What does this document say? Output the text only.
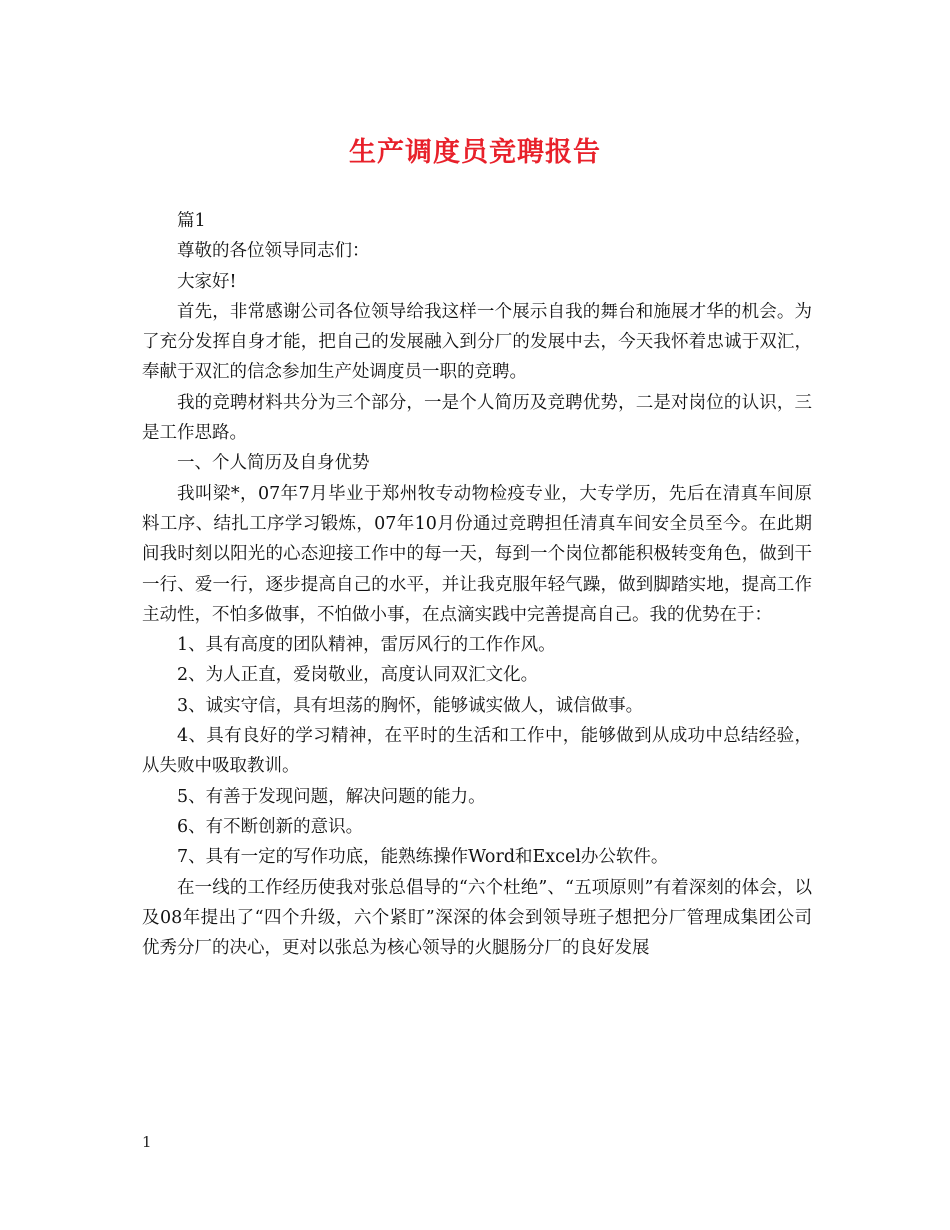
生产调度员竞聘报告

篇1

尊敬的各位领导同志们：

大家好!

首先，非常感谢公司各位领导给我这样一个展示自我的舞台和施展才华的机会。为了充分发挥自身才能，把自己的发展融入到分厂的发展中去，今天我怀着忠诚于双汇，奉献于双汇的信念参加生产处调度员一职的竞聘。

我的竞聘材料共分为三个部分，一是个人简历及竞聘优势，二是对岗位的认识，三是工作思路。

一、个人简历及自身优势

我叫梁*，07年7月毕业于郑州牧专动物检疫专业，大专学历，先后在清真车间原料工序、结扎工序学习锻炼，07年10月份通过竞聘担任清真车间安全员至今。在此期间我时刻以阳光的心态迎接工作中的每一天，每到一个岗位都能积极转变角色，做到干一行、爱一行，逐步提高自己的水平，并让我克服年轻气躁，做到脚踏实地，提高工作主动性，不怕多做事，不怕做小事，在点滴实践中完善提高自己。我的优势在于：

1、具有高度的团队精神，雷厉风行的工作作风。

2、为人正直，爱岗敬业，高度认同双汇文化。

3、诚实守信，具有坦荡的胸怀，能够诚实做人，诚信做事。

4、具有良好的学习精神，在平时的生活和工作中，能够做到从成功中总结经验，从失败中吸取教训。

5、有善于发现问题，解决问题的能力。

6、有不断创新的意识。

7、具有一定的写作功底，能熟练操作Word和Excel办公软件。

在一线的工作经历使我对张总倡导的“六个杜绝”、“五项原则”有着深刻的体会，以及08年提出了“四个升级，六个紧盯”深深的体会到领导班子想把分厂管理成集团公司优秀分厂的决心，更对以张总为核心领导的火腿肠分厂的良好发展

1
